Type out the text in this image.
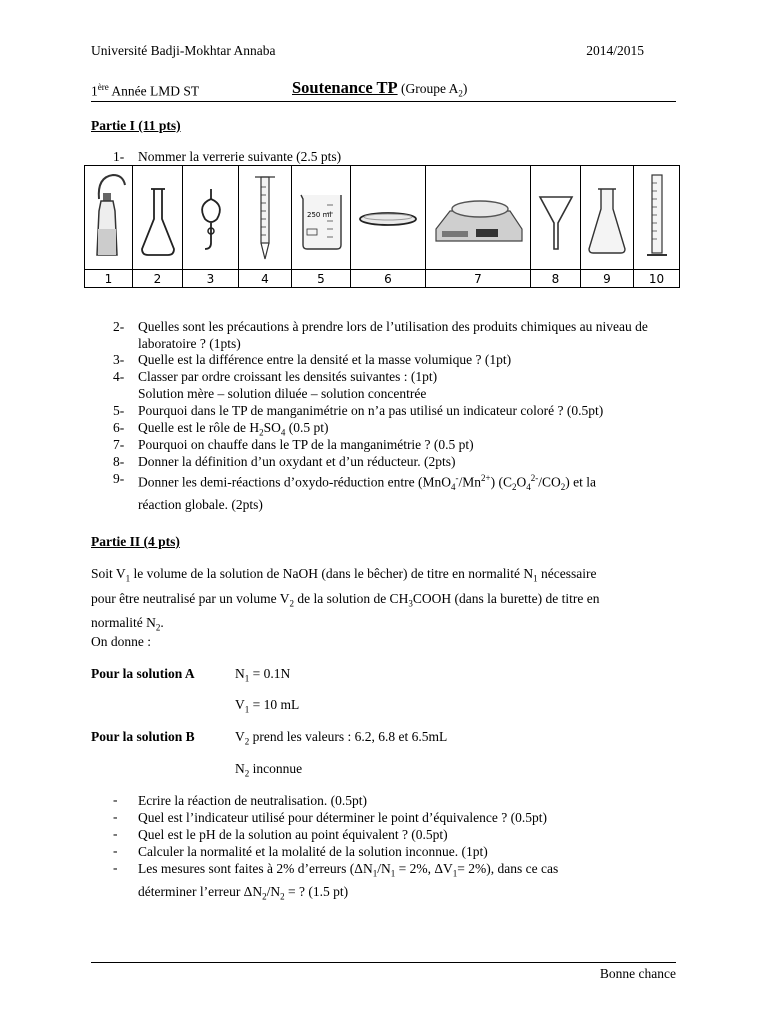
Université Badji-Mokhtar Annaba	2014/2015
1ère Année LMD ST	Soutenance TP (Groupe $A_2$)
Partie I (11 pts)
1- Nommer la verrerie suivante (2.5 pts)

250 ml

1	2	3	4	5	6	7	8	9	10
2- Quelles sont les précautions à prendre lors de l’utilisation des produits chimiques au niveau de laboratoire ? (1pts)
3- Quelle est la différence entre la densité et la masse volumique ? (1pt)
4- Classer par ordre croissant les densités suivantes : (1pt)
Solution mère – solution diluée – solution concentrée
5- Pourquoi dans le TP de manganimétrie on n’a pas utilisé un indicateur coloré ? (0.5pt)
6- Quelle est le rôle de $H_2SO_4$ (0.5 pt)
7- Pourquoi on chauffe dans le TP de la manganimétrie ? (0.5 pt)
8- Donner la définition d’un oxydant et d’un réducteur. (2pts)
9- Donner les demi-réactions d’oxydo-réduction entre $(MnO_4^-/Mn^{2+})$ $(C_2O_4^{2-}/CO_2)$ et la
réaction globale. (2pts)
Partie II (4 pts)
Soit $V_1$ le volume de la solution de NaOH (dans le bêcher) de titre en normalité $N_1$ nécessaire
pour être neutralisé par un volume $V_2$ de la solution de $CH_3COOH$ (dans la burette) de titre en
normalité $N_2$.
On donne :
Pour la solution A	$N_1 = 0.1N$
$V_1 = 10$ mL
Pour la solution B	$V_2$ prend les valeurs : 6.2, 6.8 et 6.5mL
$N_2$ inconnue
- Ecrire la réaction de neutralisation. (0.5pt)
- Quel est l’indicateur utilisé pour déterminer le point d’équivalence ? (0.5pt)
- Quel est le pH de la solution au point équivalent ? (0.5pt)
- Calculer la normalité et la molalité de la solution inconnue. (1pt)
- Les mesures sont faites à 2% d’erreurs ($\Delta N_1/N_1 = 2\%$, $\Delta V_1= 2\%$), dans ce cas
déterminer l’erreur $\Delta N_2/N_2$ = ? (1.5 pt)
Bonne chance
